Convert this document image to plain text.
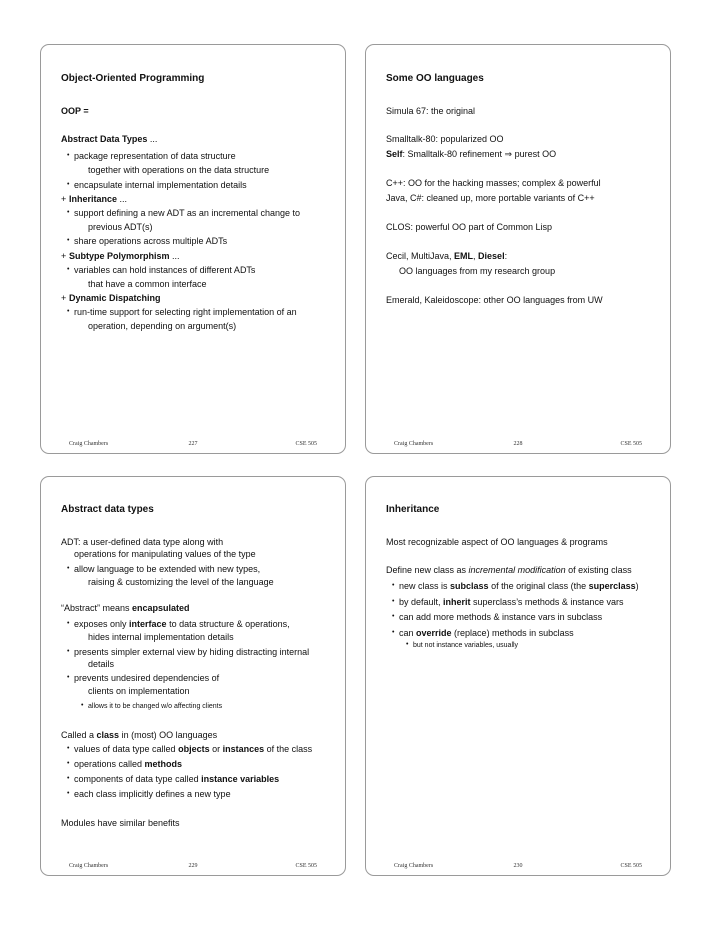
Object-Oriented Programming
OOP =
Abstract Data Types ...
• package representation of data structure
together with operations on the data structure
• encapsulate internal implementation details
+ Inheritance ...
• support defining a new ADT as an incremental change to
previous ADT(s)
• share operations across multiple ADTs
+ Subtype Polymorphism ...
• variables can hold instances of different ADTs
that have a common interface
+ Dynamic Dispatching
• run-time support for selecting right implementation of an
operation, depending on argument(s)
Craig Chambers	227	CSE 505
Some OO languages
Simula 67: the original
Smalltalk-80: popularized OO
Self: Smalltalk-80 refinement ⇒ purest OO
C++: OO for the hacking masses; complex & powerful
Java, C#: cleaned up, more portable variants of C++
CLOS: powerful OO part of Common Lisp
Cecil, MultiJava, EML, Diesel:
OO languages from my research group
Emerald, Kaleidoscope: other OO languages from UW
Craig Chambers	228	CSE 505
Abstract data types
ADT: a user-defined data type along with
operations for manipulating values of the type
• allow language to be extended with new types,
raising & customizing the level of the language
“Abstract” means encapsulated
• exposes only interface to data structure & operations,
hides internal implementation details
• presents simpler external view by hiding distracting internal
details
• prevents undesired dependencies of
clients on implementation
• allows it to be changed w/o affecting clients
Called a class in (most) OO languages
• values of data type called objects or instances of the class
• operations called methods
• components of data type called instance variables
• each class implicitly defines a new type
Modules have similar benefits
Craig Chambers	229	CSE 505
Inheritance
Most recognizable aspect of OO languages & programs
Define new class as incremental modification of existing class
• new class is subclass of the original class (the superclass)
• by default, inherit superclass’s methods & instance vars
• can add more methods & instance vars in subclass
• can override (replace) methods in subclass
• but not instance variables, usually
Craig Chambers	230	CSE 505
